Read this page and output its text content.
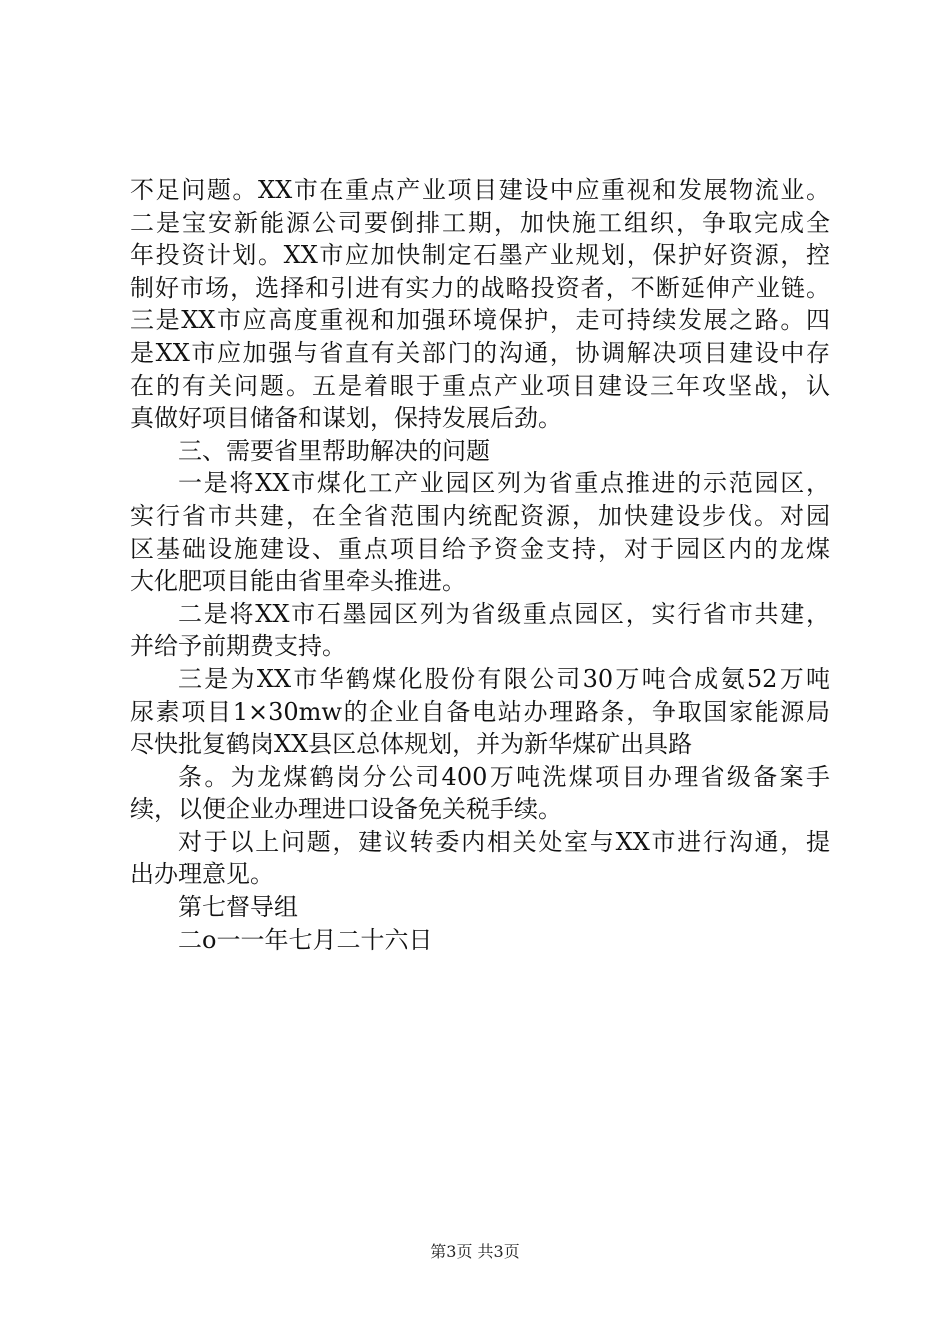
不足问题。XX市在重点产业项目建设中应重视和发展物流业。
二是宝安新能源公司要倒排工期，加快施工组织，争取完成全
年投资计划。XX市应加快制定石墨产业规划，保护好资源，控
制好市场，选择和引进有实力的战略投资者，不断延伸产业链。
三是XX市应高度重视和加强环境保护，走可持续发展之路。四
是XX市应加强与省直有关部门的沟通，协调解决项目建设中存
在的有关问题。五是着眼于重点产业项目建设三年攻坚战，认
真做好项目储备和谋划，保持发展后劲。
三、需要省里帮助解决的问题
一是将XX市煤化工产业园区列为省重点推进的示范园区，
实行省市共建，在全省范围内统配资源，加快建设步伐。对园
区基础设施建设、重点项目给予资金支持，对于园区内的龙煤
大化肥项目能由省里牵头推进。
二是将XX市石墨园区列为省级重点园区，实行省市共建，
并给予前期费支持。
三是为XX市华鹤煤化股份有限公司30万吨合成氨52万吨
尿素项目1×30mw的企业自备电站办理路条，争取国家能源局
尽快批复鹤岗XX县区总体规划，并为新华煤矿出具路
条。为龙煤鹤岗分公司400万吨洗煤项目办理省级备案手
续，以便企业办理进口设备免关税手续。
对于以上问题，建议转委内相关处室与XX市进行沟通，提
出办理意见。
第七督导组
二o一一年七月二十六日
第3页 共3页
